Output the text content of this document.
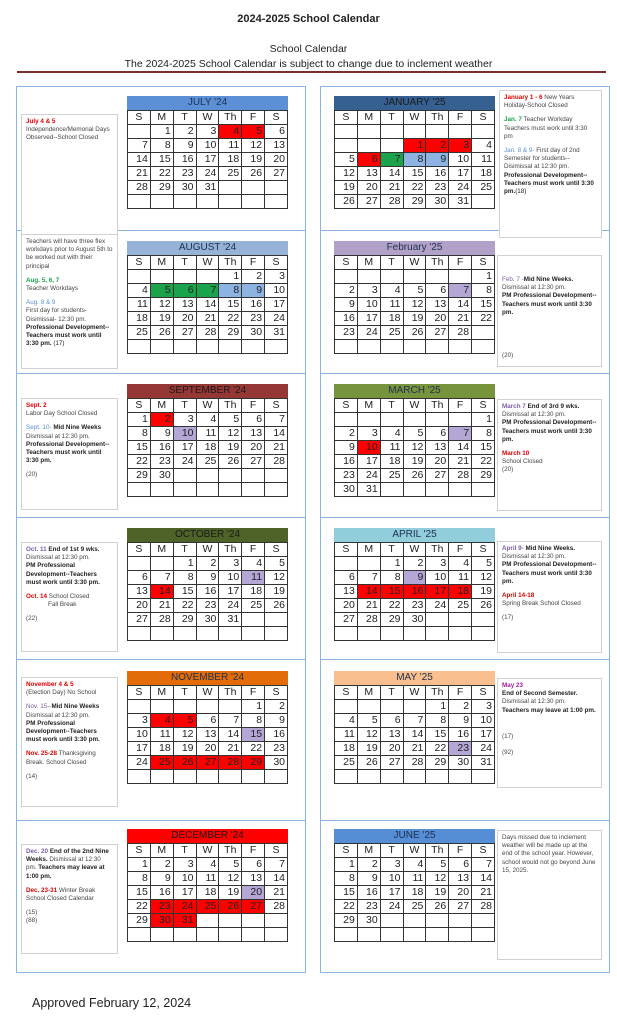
2024-2025 School Calendar
School Calendar
The 2024-2025 School Calendar is subject to change due to inclement weather
JULY '24
S	M	T	W	Th	F	S
	1	2	3	4	5	6
7	8	9	10	11	12	13
14	15	16	17	18	19	20
21	22	23	24	25	26	27
28	29	30	31			

AUGUST '24
S	M	T	W	Th	F	S
				1	2	3
4	5	6	7	8	9	10
11	12	13	14	15	16	17
18	19	20	21	22	23	24
25	26	27	28	29	30	31

SEPTEMBER '24
S	M	T	W	Th	F	S
1	2	3	4	5	6	7
8	9	10	11	12	13	14
15	16	17	18	19	20	21
22	23	24	25	26	27	28
29	30					

OCTOBER '24
S	M	T	W	Th	F	S
		1	2	3	4	5
6	7	8	9	10	11	12
13	14	15	16	17	18	19
20	21	22	23	24	25	26
27	28	29	30	31		

NOVEMBER '24
S	M	T	W	Th	F	S
					1	2
3	4	5	6	7	8	9
10	11	12	13	14	15	16
17	18	19	20	21	22	23
24	25	26	27	28	29	30

DECEMBER '24
S	M	T	W	Th	F	S
1	2	3	4	5	6	7
8	9	10	11	12	13	14
15	16	17	18	19	20	21
22	23	24	25	26	27	28
29	30	31				

JANUARY '25
S	M	T	W	Th	F	S

			1	2	3	4
5	6	7	8	9	10	11
12	13	14	15	16	17	18
19	20	21	22	23	24	25
26	27	28	29	30	31	
February '25
S	M	T	W	Th	F	S
						1
2	3	4	5	6	7	8
9	10	11	12	13	14	15
16	17	18	19	20	21	22
23	24	25	26	27	28	

MARCH '25
S	M	T	W	Th	F	S
						1
2	3	4	5	6	7	8
9	10	11	12	13	14	15
16	17	18	19	20	21	22
23	24	25	26	27	28	29
30	31					
APRIL '25
S	M	T	W	Th	F	S
		1	2	3	4	5
6	7	8	9	10	11	12
13	14	15	16	17	18	19
20	21	22	23	24	25	26
27	28	29	30			

MAY '25
S	M	T	W	Th	F	S
				1	2	3
4	5	6	7	8	9	10
11	12	13	14	15	16	17
18	19	20	21	22	23	24
25	26	27	28	29	30	31

JUNE '25
S	M	T	W	Th	F	S
1	2	3	4	5	6	7
8	9	10	11	12	13	14
15	16	17	18	19	20	21
22	23	24	25	26	27	28
29	30					

July 4 & 5
Independence/Memorial Days Observed--School Closed

Teachers will have three flex workdays prior to August 5th to be worked out with their principal

Aug. 5, 6, 7

Teacher Workdays

Aug. 8 & 9
First day for students- Disimissal- 12:30 pm.
Professional Development--Teachers must work until 3:30 pm. (17)
Sept. 2

Labor Day School Closed

Sept. 10- Mid Nine Weeks
Dismissal at 12:30 pm.

Professional Development--Teachers must work until 3:30 pm.

(20)
Oct. 11 End of 1st 9 wks.
Dismissal at 12:30 pm.

PM Professional Development--Teachers must work until 3:30 pm.

Oct. 14 School Closed

Fall Break

(22)
November 4 & 5

(Election Day) No School

Nov. 15--Mid Nine Weeks
Dismissal at 12:30 pm.

PM Professional Development--Teachers must work until 3:30 pm.

Nov. 25-28 Thanksgiving Break. School Closed

(14)

Dec. 20 End of the 2nd Nine Weeks. Dismissal at 12:30 pm. Teachers may leave at 1:00 pm.

Dec. 23-31 Winter Break School Closed Calendar

(15)
(88)

January 1 - 6 New Years Holiday-School Closed

Jan. 7 Teacher Workday Teachers must work until 3:30 pm

Jan. 8 & 9- First day of 2nd Semester for students-- Disimissal at 12:30 pm.
Professional Development--Teachers must work until 3:30 pm.(18)
Feb. 7 -Mid Nine Weeks.
Dismissal at 12:30 pm.

PM Professional Development--Teachers must work until 3:30 pm.

(20)
March 7 End of 3rd 9 wks.
Dismissal at 12:30 pm.

PM Professional Development--Teachers must work until 3:30 pm.

March 10
School Closed
(20)
April 9- Mid Nine Weeks.
Dismissal at 12:30 pm.

PM Professional Development--Teachers must work until 3:30 pm.

April 14-18

Spring Break School Closed

(17)
May 23
End of Second Semester.
Dismissal at 12:30 pm.

Teachers may leave at 1:00 pm.

(17)
(92)
Days missed due to inclement weather will be made up at the end of the school year. However, school would not go beyond June 15, 2025.
Approved February 12, 2024
